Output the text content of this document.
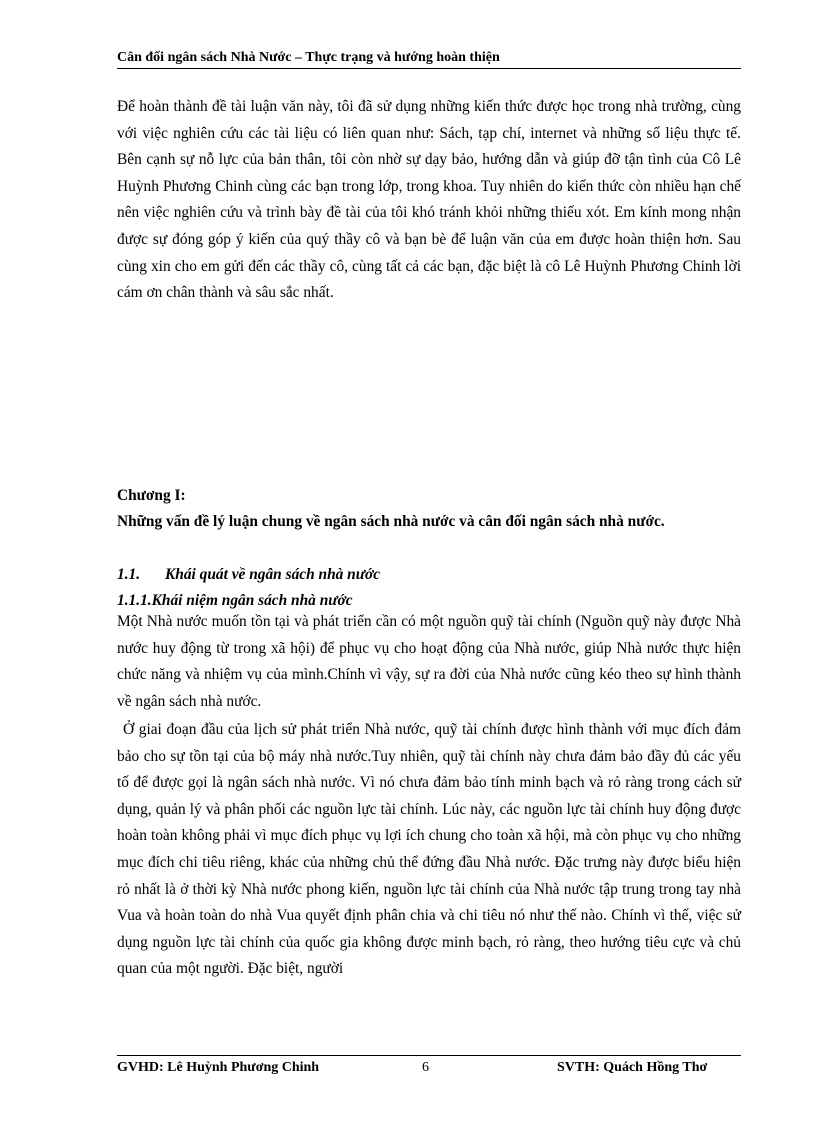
Cân đối ngân sách Nhà Nước – Thực trạng và hướng hoàn thiện

Để hoàn thành đề tài luận văn này, tôi đã sử dụng những kiến thức được học trong nhà trường, cùng với việc nghiên cứu các tài liệu có liên quan như: Sách, tạp chí, internet và những số liệu thực tế. Bên cạnh sự nỗ lực của bản thân, tôi còn nhờ sự dạy bảo, hướng dẫn và giúp đỡ tận tình của Cô Lê Huỳnh Phương Chinh cùng các bạn trong lớp, trong khoa. Tuy nhiên do kiến thức còn nhiều hạn chế nên việc nghiên cứu và trình bày đề tài của tôi khó tránh khỏi những thiếu xót. Em kính mong nhận được sự đóng góp ý kiến của quý thầy cô và bạn bè để luận văn của em được hoàn thiện hơn. Sau cùng xin cho em gửi đến các thầy cô, cùng tất cả các bạn, đặc biệt là cô Lê Huỳnh Phương Chinh lời cám ơn chân thành và sâu sắc nhất.

Chương I:

Những vấn đề lý luận chung về ngân sách nhà nước và cân đối ngân sách nhà nước.

1.1. Khái quát về ngân sách nhà nước

1.1.1.Khái niệm ngân sách nhà nước

Một Nhà nước muốn tồn tại và phát triển cần có một nguồn quỹ tài chính (Nguồn quỹ này được Nhà nước huy động từ trong xã hội) để phục vụ cho hoạt động của Nhà nước, giúp Nhà nước thực hiện chức năng và nhiệm vụ của mình.Chính vì vậy, sự ra đời của Nhà nước cũng kéo theo sự hình thành về ngân sách nhà nước.

Ở giai đoạn đầu của lịch sử phát triển Nhà nước, quỹ tài chính được hình thành với mục đích đảm bảo cho sự tồn tại của bộ máy nhà nước.Tuy nhiên, quỹ tài chính này chưa đảm bảo đầy đủ các yếu tố để được gọi là ngân sách nhà nước. Vì nó chưa đảm bảo tính minh bạch và rỏ ràng trong cách sử dụng, quản lý và phân phối các nguồn lực tài chính. Lúc này, các nguồn lực tài chính huy động được hoàn toàn không phải vì mục đích phục vụ lợi ích chung cho toàn xã hội, mà còn phục vụ cho những mục đích chi tiêu riêng, khác của những chủ thể đứng đầu Nhà nước. Đặc trưng này được biểu hiện rỏ nhất là ở thời kỳ Nhà nước phong kiến, nguồn lực tài chính của Nhà nước tập trung trong tay nhà Vua và hoàn toàn do nhà Vua quyết định phân chia và chi tiêu nó như thế nào. Chính vì thế, việc sử dụng nguồn lực tài chính của quốc gia không được minh bạch, rỏ ràng, theo hướng tiêu cực và chủ quan của một người. Đặc biệt, người

GVHD: Lê Huỳnh Phương Chinh	6	SVTH: Quách Hồng Thơ
